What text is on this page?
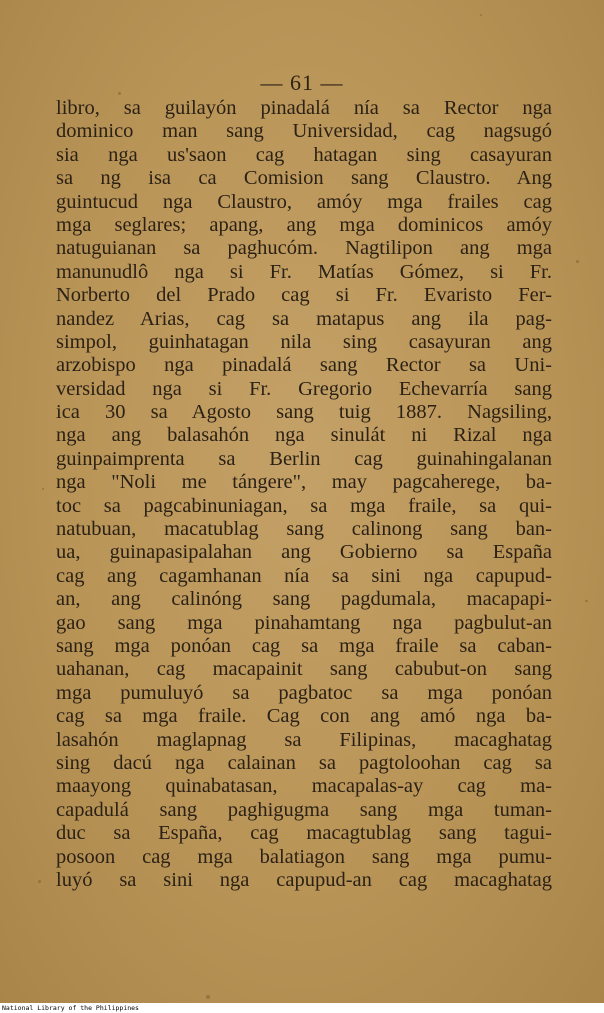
— 61 —
libro, sa guilayón pinadalá nía sa Rector nga
dominico man sang Universidad, cag nagsugó
sia nga us'saon cag hatagan sing casayuran
sa ng isa ca Comision sang Claustro. Ang
guintucud nga Claustro, amóy mga frailes cag
mga seglares; apang, ang mga dominicos amóy
natuguianan sa paghucóm. Nagtilipon ang mga
manunudlô nga si Fr. Matías Gómez, si Fr.
Norberto del Prado cag si Fr. Evaristo Fer-
nandez Arias, cag sa matapus ang ila pag-
simpol, guinhatagan nila sing casayuran ang
arzobispo nga pinadalá sang Rector sa Uni-
versidad nga si Fr. Gregorio Echevarría sang
ica 30 sa Agosto sang tuig 1887. Nagsiling,
nga ang balasahón nga sinulát ni Rizal nga
guinpaimprenta sa Berlin cag guinahingalanan
nga "Noli me tángere", may pagcaherege, ba-
toc sa pagcabinuniagan, sa mga fraile, sa qui-
natubuan, macatublag sang calinong sang ban-
ua, guinapasipalahan ang Gobierno sa España
cag ang cagamhanan nía sa sini nga capupud-
an, ang calinóng sang pagdumala, macapapi-
gao sang mga pinahamtang nga pagbulut-an
sang mga ponóan cag sa mga fraile sa caban-
uahanan, cag macapainit sang cabubut-on sang
mga pumuluyó sa pagbatoc sa mga ponóan
cag sa mga fraile. Cag con ang amó nga ba-
lasahón maglapnag sa Filipinas, macaghatag
sing dacú nga calainan sa pagtoloohan cag sa
maayong quinabatasan, macapalas-ay cag ma-
capadulá sang paghigugma sang mga tuman-
duc sa España, cag macagtublag sang tagui-
posoon cag mga balatiagon sang mga pumu-
luyó sa sini nga capupud-an cag macaghatag
National Library of the Philippines
